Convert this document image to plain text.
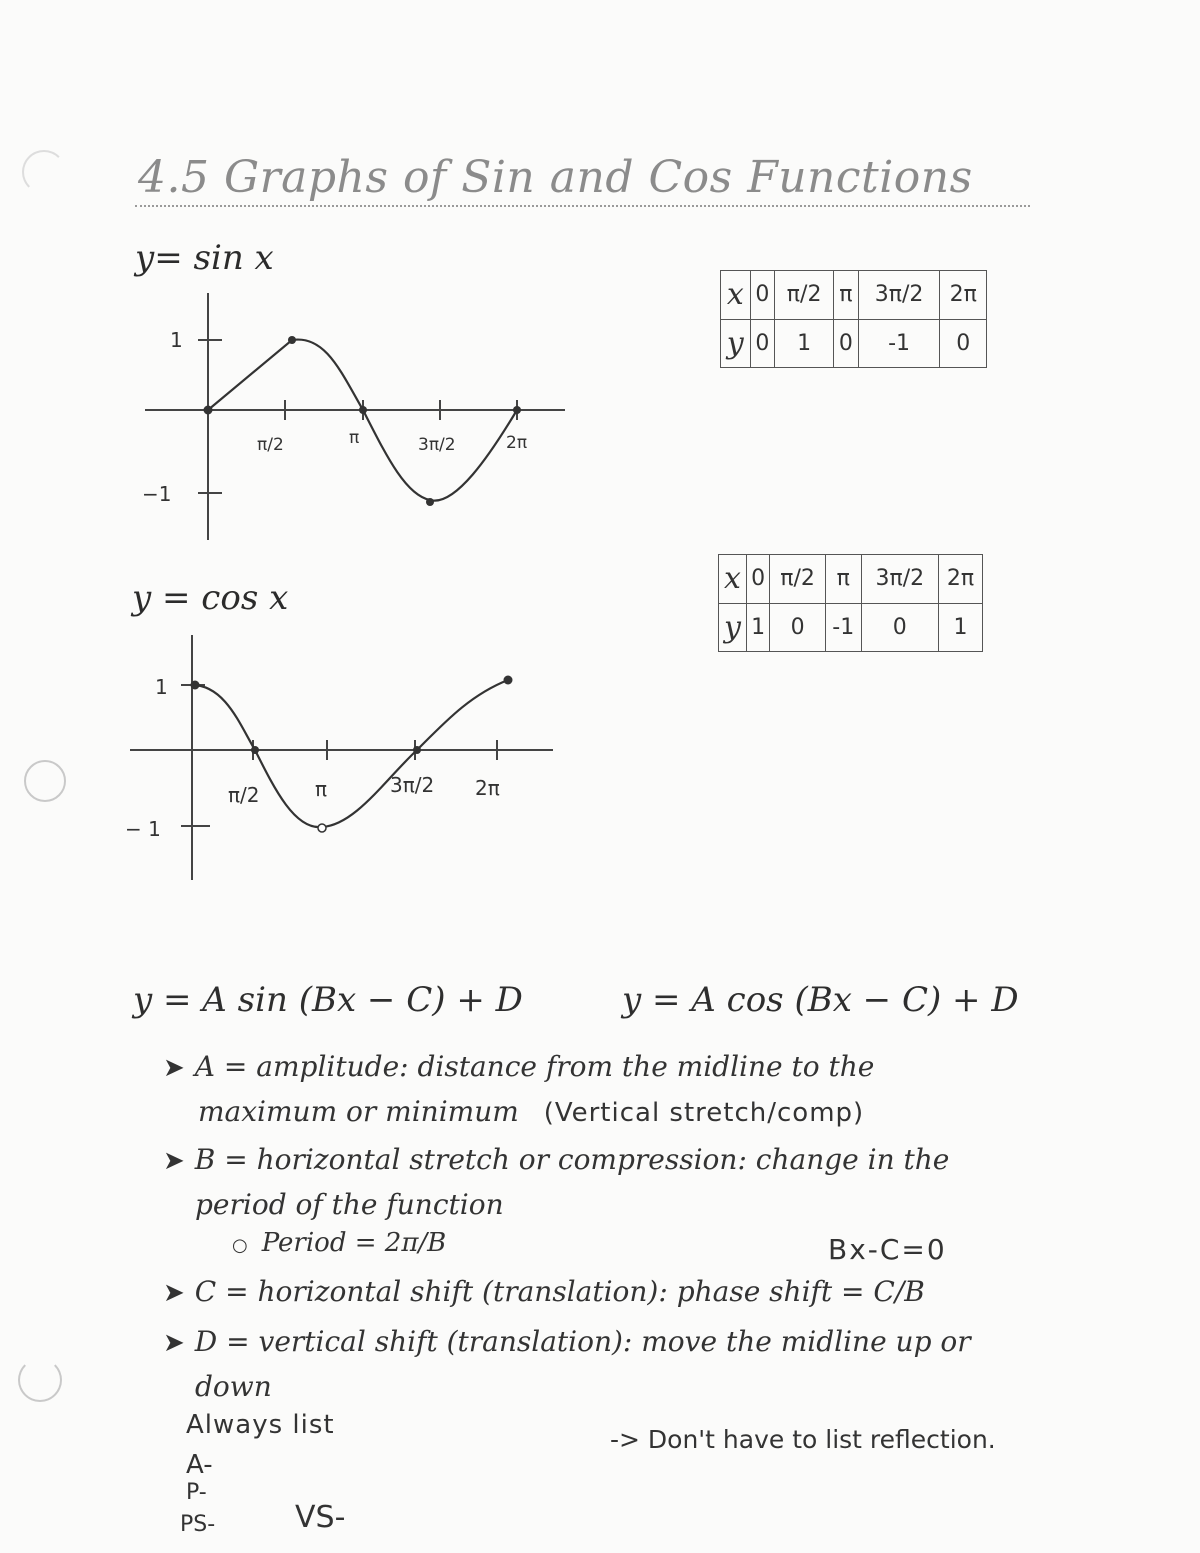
4.5 Graphs of Sin and Cos Functions
y= sin x
1
−1
π/2	π	3π/2	2π
x	0	π/2	π	3π/2	2π
y	0	1	0	-1	0
y = cos x
1
− 1
π/2	π	3π/2 2π
x	0	π/2	π	3π/2	2π
y	1	0	-1	0	1
y = A sin (Bx − C) + D	y = A cos (Bx − C) + D
➤ A = amplitude: distance from the midline to the
maximum or minimum (Vertical stretch/comp)
➤ B = horizontal stretch or compression: change in the
period of the function
○ Period = 2π/B	Bx-C=0
➤ C = horizontal shift (translation): phase shift = C/B
➤ D = vertical shift (translation): move the midline up or
down
Always list
A-
P-
PS-	VS-
-> Don't have to list reflection.
